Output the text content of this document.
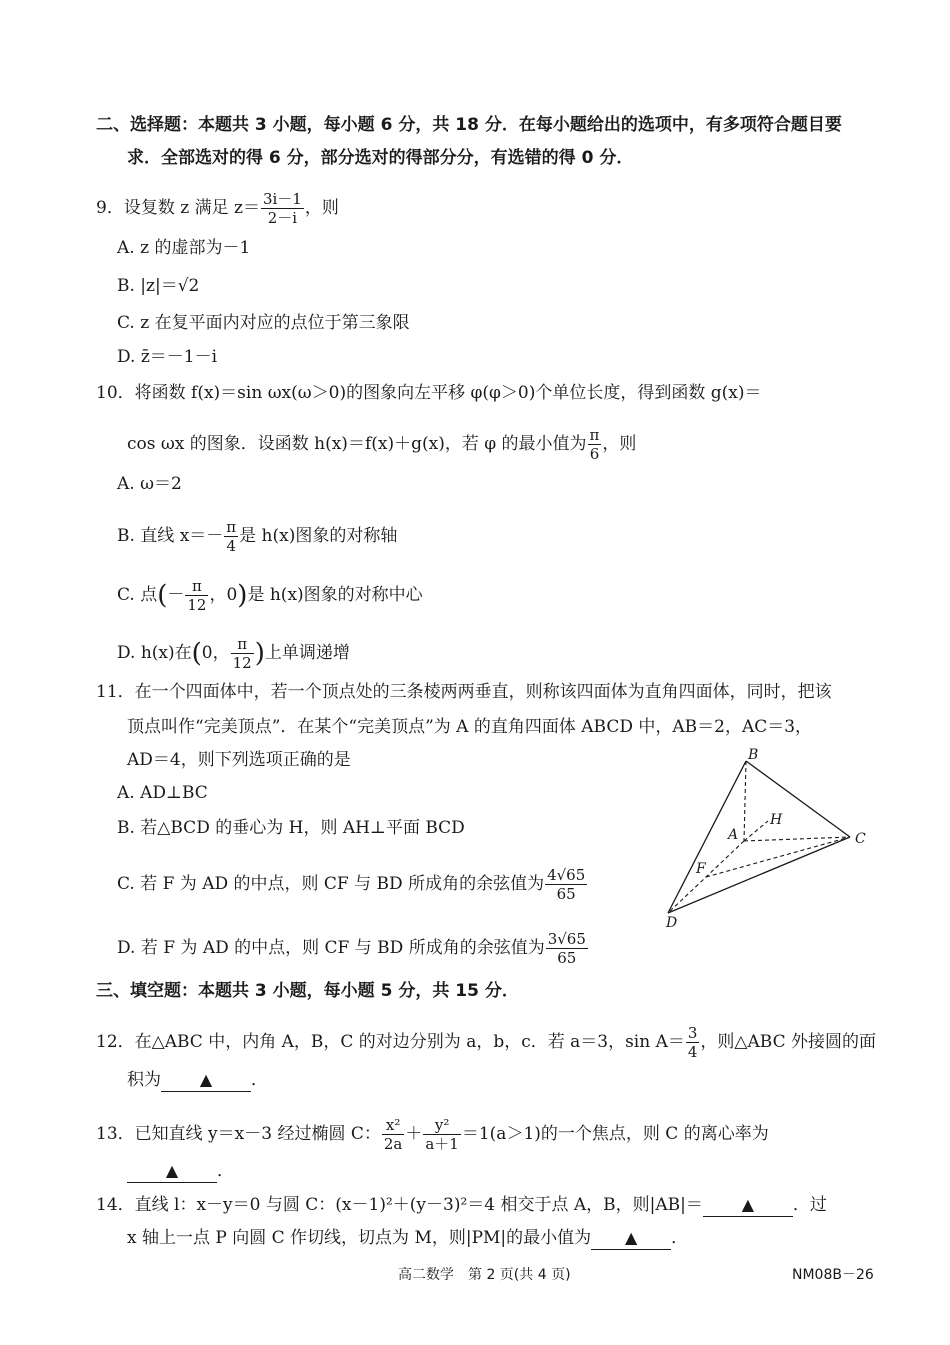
二、选择题：本题共 3 小题，每小题 6 分，共 18 分．在每小题给出的选项中，有多项符合题目要
求．全部选对的得 6 分，部分选对的得部分分，有选错的得 0 分．
9．设复数 z 满足 $z= \frac{3i-1}{2-i}$ ，则
A. z 的虚部为－1
B. |z|＝√2
C. z 在复平面内对应的点位于第三象限
D. z̄＝－1－i
10．将函数 f(x)＝sin ωx(ω＞0)的图象向左平移 φ(φ＞0)个单位长度，得到函数 g(x)＝
cos ωx 的图象．设函数 h(x)＝f(x)＋g(x)，若 φ 的最小值为 $\frac{\pi}{6}$ ，则
A. ω＝2
B. 直线 $x=- \frac{\pi}{4}$ 是 h(x)图象的对称轴
C. 点(－ $\frac{\pi}{12}$ ，0)是 h(x)图象的对称中心
D. h(x)在(0， $\frac{\pi}{12}$ )上单调递增
11．在一个四面体中，若一个顶点处的三条棱两两垂直，则称该四面体为直角四面体，同时，把该
顶点叫作“完美顶点”．在某个“完美顶点”为 A 的直角四面体 ABCD 中，AB＝2，AC＝3，
AD＝4，则下列选项正确的是
A. AD⊥BC
B. 若△BCD 的垂心为 H，则 AH⊥平面 BCD
C. 若 F 为 AD 的中点，则 CF 与 BD 所成角的余弦值为 $\frac{4√65}{65}$
D. 若 F 为 AD 的中点，则 CF 与 BD 所成角的余弦值为 $\frac{3√65}{65}$
B
H
A	C
F
D
三、填空题：本题共 3 小题，每小题 5 分，共 15 分．
12．在△ABC 中，内角 A，B，C 的对边分别为 a，b，c．若 a＝3，$\sin A= \frac{3}{4}$ ，则△ABC 外接圆的面
积为 ▲ ．
13．已知直线 y＝x－3 经过椭圆 C： $\frac{\text{x²}}{2a} + \frac{\text{y²}}{a+1} =1(a>1)$的一个焦点，则 C 的离心率为
▲ ．
14．直线 l：x－y＝0 与圆 C：(x－1)²＋(y－3)²＝4 相交于点 A，B，则|AB|＝ ▲ ．过
x 轴上一点 P 向圆 C 作切线，切点为 M，则|PM|的最小值为 ▲ ．
高二数学　第 2 页(共 4 页)	NM08B－26
